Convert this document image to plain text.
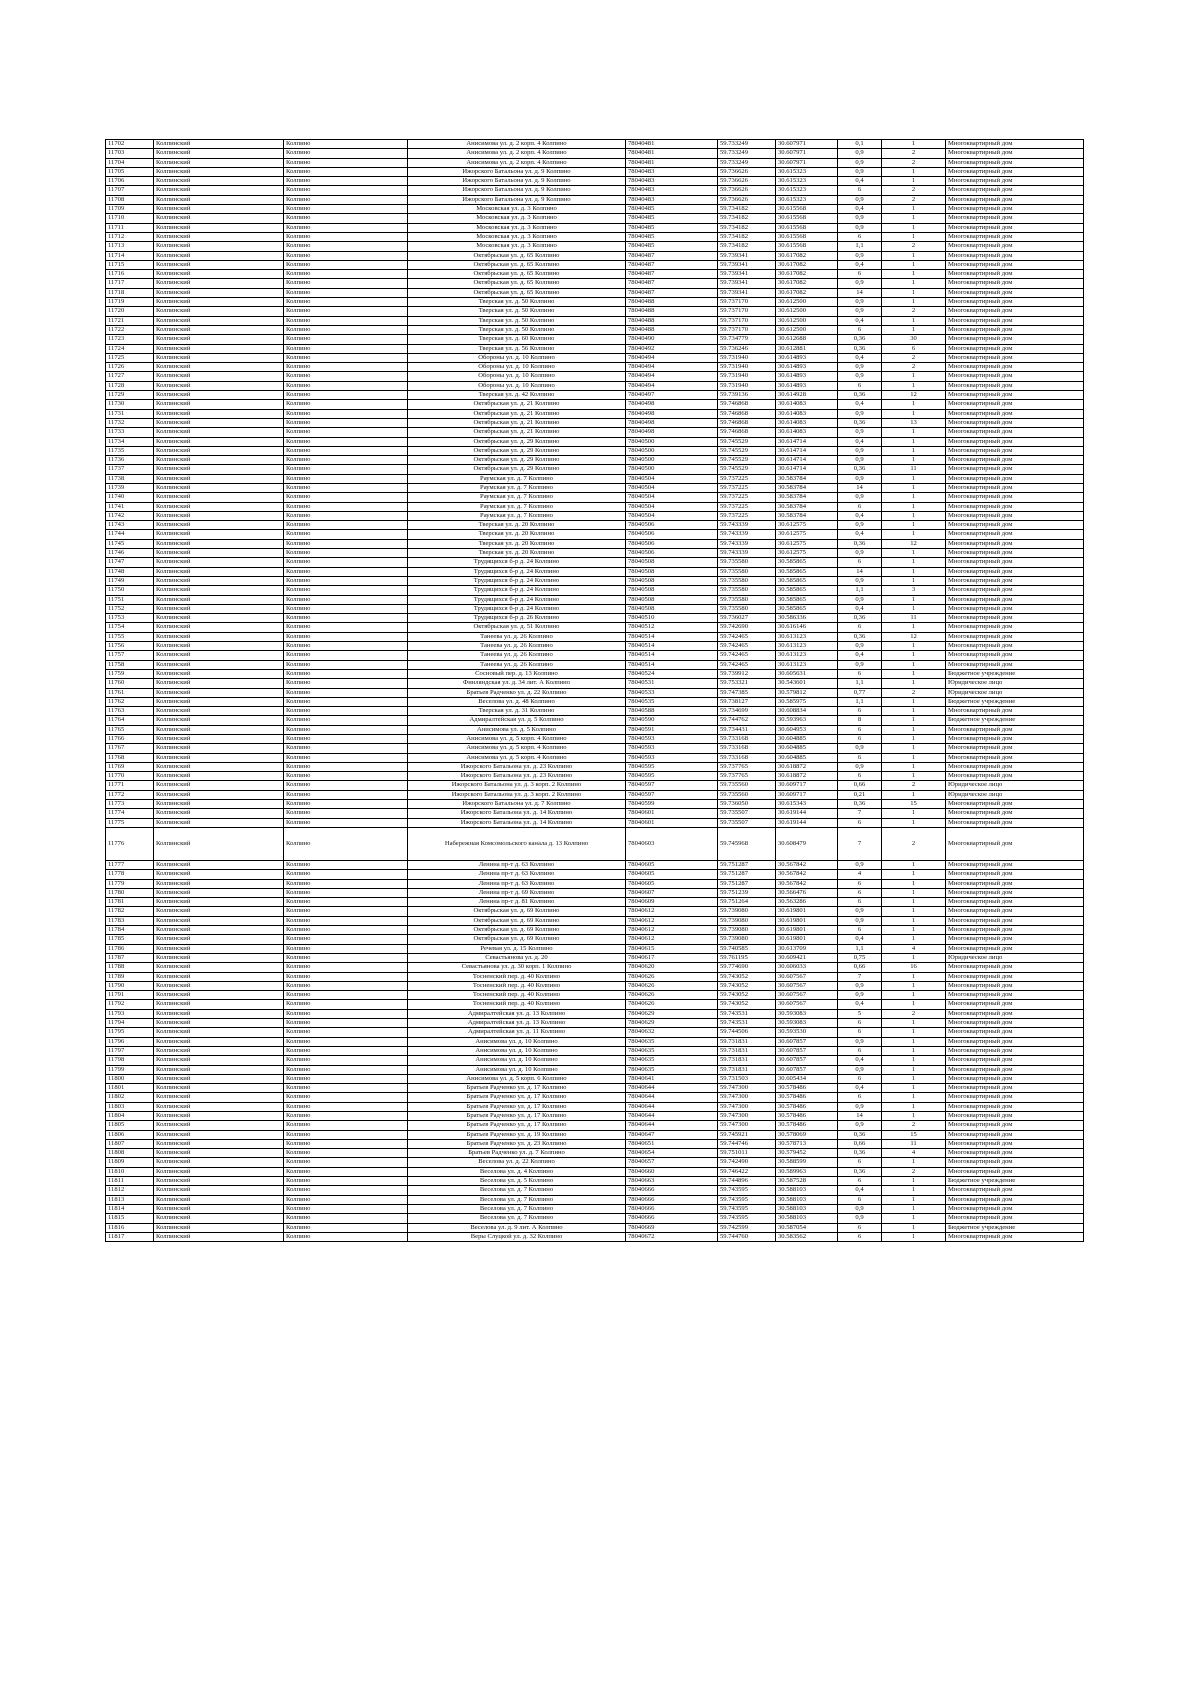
11702	Колпинский	Колпино	Анисимова ул. д. 2 корп. 4 Колпино	78040481	59.733249	30.607971	0,1	1	Многоквартирный дом
11703	Колпинский	Колпино	Анисимова ул. д. 2 корп. 4 Колпино	78040481	59.733249	30.607971	0,9	2	Многоквартирный дом
11704	Колпинский	Колпино	Анисимова ул. д. 2 корп. 4 Колпино	78040481	59.733249	30.607971	0,9	2	Многоквартирный дом
11705	Колпинский	Колпино	Ижорского Батальона ул. д. 9 Колпино	78040483	59.736626	30.615323	0,9	1	Многоквартирный дом
11706	Колпинский	Колпино	Ижорского Батальона ул. д. 9 Колпино	78040483	59.736626	30.615323	0,4	1	Многоквартирный дом
11707	Колпинский	Колпино	Ижорского Батальона ул. д. 9 Колпино	78040483	59.736626	30.615323	6	2	Многоквартирный дом
11708	Колпинский	Колпино	Ижорского Батальона ул. д. 9 Колпино	78040483	59.736626	30.615323	0,9	2	Многоквартирный дом
11709	Колпинский	Колпино	Московская ул. д. 3 Колпино	78040485	59.734182	30.615568	0,4	1	Многоквартирный дом
11710	Колпинский	Колпино	Московская ул. д. 3 Колпино	78040485	59.734182	30.615568	0,9	1	Многоквартирный дом
11711	Колпинский	Колпино	Московская ул. д. 3 Колпино	78040485	59.734182	30.615568	0,9	1	Многоквартирный дом
11712	Колпинский	Колпино	Московская ул. д. 3 Колпино	78040485	59.734182	30.615568	6	1	Многоквартирный дом
11713	Колпинский	Колпино	Московская ул. д. 3 Колпино	78040485	59.734182	30.615568	1,1	2	Многоквартирный дом
11714	Колпинский	Колпино	Октябрьская ул. д. 65 Колпино	78040487	59.739341	30.617082	0,9	1	Многоквартирный дом
11715	Колпинский	Колпино	Октябрьская ул. д. 65 Колпино	78040487	59.739341	30.617082	0,4	1	Многоквартирный дом
11716	Колпинский	Колпино	Октябрьская ул. д. 65 Колпино	78040487	59.739341	30.617082	6	1	Многоквартирный дом
11717	Колпинский	Колпино	Октябрьская ул. д. 65 Колпино	78040487	59.739341	30.617082	0,9	1	Многоквартирный дом
11718	Колпинский	Колпино	Октябрьская ул. д. 65 Колпино	78040487	59.739341	30.617082	14	1	Многоквартирный дом
11719	Колпинский	Колпино	Тверская ул. д. 50 Колпино	78040488	59.737170	30.612500	0,9	1	Многоквартирный дом
11720	Колпинский	Колпино	Тверская ул. д. 50 Колпино	78040488	59.737170	30.612500	0,9	2	Многоквартирный дом
11721	Колпинский	Колпино	Тверская ул. д. 50 Колпино	78040488	59.737170	30.612500	0,4	1	Многоквартирный дом
11722	Колпинский	Колпино	Тверская ул. д. 50 Колпино	78040488	59.737170	30.612500	6	1	Многоквартирный дом
11723	Колпинский	Колпино	Тверская ул. д. 60 Колпино	78040490	59.734779	30.612688	0,36	30	Многоквартирный дом
11724	Колпинский	Колпино	Тверская ул. д. 56 Колпино	78040492	59.736246	30.612881	0,36	6	Многоквартирный дом
11725	Колпинский	Колпино	Обороны ул. д. 10 Колпино	78040494	59.731940	30.614893	0,4	2	Многоквартирный дом
11726	Колпинский	Колпино	Обороны ул. д. 10 Колпино	78040494	59.731940	30.614893	0,9	2	Многоквартирный дом
11727	Колпинский	Колпино	Обороны ул. д. 10 Колпино	78040494	59.731940	30.614893	0,9	1	Многоквартирный дом
11728	Колпинский	Колпино	Обороны ул. д. 10 Колпино	78040494	59.731940	30.614893	6	1	Многоквартирный дом
11729	Колпинский	Колпино	Тверская ул. д. 42 Колпино	78040497	59.739136	30.614928	0,36	12	Многоквартирный дом
11730	Колпинский	Колпино	Октябрьская ул. д. 21 Колпино	78040498	59.746868	30.614083	0,4	1	Многоквартирный дом
11731	Колпинский	Колпино	Октябрьская ул. д. 21 Колпино	78040498	59.746868	30.614083	0,9	1	Многоквартирный дом
11732	Колпинский	Колпино	Октябрьская ул. д. 21 Колпино	78040498	59.746868	30.614083	0,36	13	Многоквартирный дом
11733	Колпинский	Колпино	Октябрьская ул. д. 21 Колпино	78040498	59.746868	30.614083	0,9	1	Многоквартирный дом
11734	Колпинский	Колпино	Октябрьская ул. д. 29 Колпино	78040500	59.745529	30.614714	0,4	1	Многоквартирный дом
11735	Колпинский	Колпино	Октябрьская ул. д. 29 Колпино	78040500	59.745529	30.614714	0,9	1	Многоквартирный дом
11736	Колпинский	Колпино	Октябрьская ул. д. 29 Колпино	78040500	59.745529	30.614714	0,9	1	Многоквартирный дом
11737	Колпинский	Колпино	Октябрьская ул. д. 29 Колпино	78040500	59.745529	30.614714	0,36	11	Многоквартирный дом
11738	Колпинский	Колпино	Раумская ул. д. 7 Колпино	78040504	59.737225	30.583784	0,9	1	Многоквартирный дом
11739	Колпинский	Колпино	Раумская ул. д. 7 Колпино	78040504	59.737225	30.583784	14	1	Многоквартирный дом
11740	Колпинский	Колпино	Раумская ул. д. 7 Колпино	78040504	59.737225	30.583784	0,9	1	Многоквартирный дом
11741	Колпинский	Колпино	Раумская ул. д. 7 Колпино	78040504	59.737225	30.583784	6	1	Многоквартирный дом
11742	Колпинский	Колпино	Раумская ул. д. 7 Колпино	78040504	59.737225	30.583784	0,4	1	Многоквартирный дом
11743	Колпинский	Колпино	Тверская ул. д. 20 Колпино	78040506	59.743339	30.612575	0,9	1	Многоквартирный дом
11744	Колпинский	Колпино	Тверская ул. д. 20 Колпино	78040506	59.743339	30.612575	0,4	1	Многоквартирный дом
11745	Колпинский	Колпино	Тверская ул. д. 20 Колпино	78040506	59.743339	30.612575	0,36	12	Многоквартирный дом
11746	Колпинский	Колпино	Тверская ул. д. 20 Колпино	78040506	59.743339	30.612575	0,9	1	Многоквартирный дом
11747	Колпинский	Колпино	Трудящихся б-р д. 24 Колпино	78040508	59.735580	30.585865	6	1	Многоквартирный дом
11748	Колпинский	Колпино	Трудящихся б-р д. 24 Колпино	78040508	59.735580	30.585865	14	1	Многоквартирный дом
11749	Колпинский	Колпино	Трудящихся б-р д. 24 Колпино	78040508	59.735580	30.585865	0,9	1	Многоквартирный дом
11750	Колпинский	Колпино	Трудящихся б-р д. 24 Колпино	78040508	59.735580	30.585865	1,1	3	Многоквартирный дом
11751	Колпинский	Колпино	Трудящихся б-р д. 24 Колпино	78040508	59.735580	30.585865	0,9	1	Многоквартирный дом
11752	Колпинский	Колпино	Трудящихся б-р д. 24 Колпино	78040508	59.735580	30.585865	0,4	1	Многоквартирный дом
11753	Колпинский	Колпино	Трудящихся б-р д. 26 Колпино	78040510	59.736027	30.586336	0,36	11	Многоквартирный дом
11754	Колпинский	Колпино	Октябрьская ул. д. 51 Колпино	78040512	59.742690	30.616146	6	1	Многоквартирный дом
11755	Колпинский	Колпино	Танеева ул. д. 26 Колпино	78040514	59.742465	30.613123	0,36	12	Многоквартирный дом
11756	Колпинский	Колпино	Танеева ул. д. 26 Колпино	78040514	59.742465	30.613123	0,9	1	Многоквартирный дом
11757	Колпинский	Колпино	Танеева ул. д. 26 Колпино	78040514	59.742465	30.613123	0,4	1	Многоквартирный дом
11758	Колпинский	Колпино	Танеева ул. д. 26 Колпино	78040514	59.742465	30.613123	0,9	1	Многоквартирный дом
11759	Колпинский	Колпино	Сосновый пер. д. 13 Колпино	78040524	59.739912	30.605631	6	1	Бюджетное учреждение
11760	Колпинский	Колпино	Финляндская ул. д. 34 лит. А Колпино	78040531	59.753321	30.543601	1,1	1	Юридическое лицо
11761	Колпинский	Колпино	Братьев Радченко ул. д. 22 Колпино	78040533	59.747385	30.579812	0,77	2	Юридическое лицо
11762	Колпинский	Колпино	Веселова ул. д. 48 Колпино	78040535	59.738127	30.585975	1,1	1	Бюджетное учреждение
11763	Колпинский	Колпино	Тверская ул. д. 31 Колпино	78040588	59.734699	30.608834	6	1	Многоквартирный дом
11764	Колпинский	Колпино	Адмиралтейская ул. д. 5 Колпино	78040590	59.744762	30.593963	8	1	Бюджетное учреждение
11765	Колпинский	Колпино	Анисимова ул. д. 5 Колпино	78040591	59.734431	30.604953	6	1	Многоквартирный дом
11766	Колпинский	Колпино	Анисимова ул. д. 5 корп. 4 Колпино	78040593	59.733168	30.604885	6	1	Многоквартирный дом
11767	Колпинский	Колпино	Анисимова ул. д. 5 корп. 4 Колпино	78040593	59.733168	30.604885	0,9	1	Многоквартирный дом
11768	Колпинский	Колпино	Анисимова ул. д. 5 корп. 4 Колпино	78040593	59.733168	30.604885	6	1	Многоквартирный дом
11769	Колпинский	Колпино	Ижорского Батальона ул. д. 23 Колпино	78040595	59.737765	30.618872	0,9	1	Многоквартирный дом
11770	Колпинский	Колпино	Ижорского Батальона ул. д. 23 Колпино	78040595	59.737765	30.618872	6	1	Многоквартирный дом
11771	Колпинский	Колпино	Ижорского Батальона ул. д. 3 корп. 2 Колпино	78040597	59.735560	30.609717	0,66	2	Юридическое лицо
11772	Колпинский	Колпино	Ижорского Батальона ул. д. 3 корп. 2 Колпино	78040597	59.735560	30.609717	0,21	1	Юридическое лицо
11773	Колпинский	Колпино	Ижорского Батальона ул. д. 7 Колпино	78040599	59.736050	30.615343	0,36	15	Многоквартирный дом
11774	Колпинский	Колпино	Ижорского Батальона ул. д. 14 Колпино	78040601	59.735507	30.619144	7	1	Многоквартирный дом
11775	Колпинский	Колпино	Ижорского Батальона ул. д. 14 Колпино	78040601	59.735507	30.619144	6	1	Многоквартирный дом
11776	Колпинский	Колпино	Набережная Комсомольского канала д. 13 Колпино	78040603	59.745968	30.608479	7	2	Многоквартирный дом
11777	Колпинский	Колпино	Ленина пр-т д. 63 Колпино	78040605	59.751287	30.567842	0,9	1	Многоквартирный дом
11778	Колпинский	Колпино	Ленина пр-т д. 63 Колпино	78040605	59.751287	30.567842	4	1	Многоквартирный дом
11779	Колпинский	Колпино	Ленина пр-т д. 63 Колпино	78040605	59.751287	30.567842	6	1	Многоквартирный дом
11780	Колпинский	Колпино	Ленина пр-т д. 69 Колпино	78040607	59.751239	30.566476	6	1	Многоквартирный дом
11781	Колпинский	Колпино	Ленина пр-т д. 81 Колпино	78040609	59.751264	30.563286	6	1	Многоквартирный дом
11782	Колпинский	Колпино	Октябрьская ул. д. 69 Колпино	78040612	59.739080	30.619801	0,9	1	Многоквартирный дом
11783	Колпинский	Колпино	Октябрьская ул. д. 69 Колпино	78040612	59.739080	30.619801	0,9	1	Многоквартирный дом
11784	Колпинский	Колпино	Октябрьская ул. д. 69 Колпино	78040612	59.739080	30.619801	6	1	Многоквартирный дом
11785	Колпинский	Колпино	Октябрьская ул. д. 69 Колпино	78040612	59.739080	30.619801	0,4	1	Многоквартирный дом
11786	Колпинский	Колпино	Речевая ул. д. 15 Колпино	78040615	59.740585	30.613709	1,1	4	Многоквартирный дом
11787	Колпинский	Колпино	Севастьянова ул. д. 20	78040617	59.761195	30.609421	0,75	1	Юридическое лицо
11788	Колпинский	Колпино	Севастьянова ул. д. 30 корп. 1 Колпино	78040620	59.774690	30.606033	0,66	16	Многоквартирный дом
11789	Колпинский	Колпино	Тосненский пер. д. 40 Колпино	78040626	59.743052	30.607567	7	1	Многоквартирный дом
11790	Колпинский	Колпино	Тосненский пер. д. 40 Колпино	78040626	59.743052	30.607567	0,9	1	Многоквартирный дом
11791	Колпинский	Колпино	Тосненский пер. д. 40 Колпино	78040626	59.743052	30.607567	0,9	1	Многоквартирный дом
11792	Колпинский	Колпино	Тосненский пер. д. 40 Колпино	78040626	59.743052	30.607567	0,4	1	Многоквартирный дом
11793	Колпинский	Колпино	Адмиралтейская ул. д. 13 Колпино	78040629	59.743531	30.593083	5	2	Многоквартирный дом
11794	Колпинский	Колпино	Адмиралтейская ул. д. 13 Колпино	78040629	59.743531	30.593083	6	1	Многоквартирный дом
11795	Колпинский	Колпино	Адмиралтейская ул. д. 11 Колпино	78040632	59.744506	30.593530	6	1	Многоквартирный дом
11796	Колпинский	Колпино	Анисимова ул. д. 10 Колпино	78040635	59.731831	30.607857	0,9	1	Многоквартирный дом
11797	Колпинский	Колпино	Анисимова ул. д. 10 Колпино	78040635	59.731831	30.607857	6	1	Многоквартирный дом
11798	Колпинский	Колпино	Анисимова ул. д. 10 Колпино	78040635	59.731831	30.607857	0,4	1	Многоквартирный дом
11799	Колпинский	Колпино	Анисимова ул. д. 10 Колпино	78040635	59.731831	30.607857	0,9	1	Многоквартирный дом
11800	Колпинский	Колпино	Анисимова ул. д. 5 корп. 6 Колпино	78040641	59.731503	30.605434	6	1	Многоквартирный дом
11801	Колпинский	Колпино	Братьев Радченко ул. д. 17 Колпино	78040644	59.747300	30.578486	0,4	1	Многоквартирный дом
11802	Колпинский	Колпино	Братьев Радченко ул. д. 17 Колпино	78040644	59.747300	30.578486	6	1	Многоквартирный дом
11803	Колпинский	Колпино	Братьев Радченко ул. д. 17 Колпино	78040644	59.747300	30.578486	0,9	1	Многоквартирный дом
11804	Колпинский	Колпино	Братьев Радченко ул. д. 17 Колпино	78040644	59.747300	30.578486	14	1	Многоквартирный дом
11805	Колпинский	Колпино	Братьев Радченко ул. д. 17 Колпино	78040644	59.747300	30.578486	0,9	2	Многоквартирный дом
11806	Колпинский	Колпино	Братьев Радченко ул. д. 19 Колпино	78040647	59.745921	30.578069	0,36	15	Многоквартирный дом
11807	Колпинский	Колпино	Братьев Радченко ул. д. 23 Колпино	78040651	59.744746	30.578713	0,66	11	Многоквартирный дом
11808	Колпинский	Колпино	Братьев Радченко ул. д. 7 Колпино	78040654	59.751011	30.579452	0,36	4	Многоквартирный дом
11809	Колпинский	Колпино	Веселова ул. д. 22 Колпино	78040657	59.742490	30.588599	6	1	Многоквартирный дом
11810	Колпинский	Колпино	Веселова ул. д. 4 Колпино	78040660	59.746422	30.589963	0,36	2	Многоквартирный дом
11811	Колпинский	Колпино	Веселова ул. д. 5 Колпино	78040663	59.744896	30.587528	6	1	Бюджетное учреждение
11812	Колпинский	Колпино	Веселова ул. д. 7 Колпино	78040666	59.743595	30.588103	0,4	1	Многоквартирный дом
11813	Колпинский	Колпино	Веселова ул. д. 7 Колпино	78040666	59.743595	30.588103	6	1	Многоквартирный дом
11814	Колпинский	Колпино	Веселова ул. д. 7 Колпино	78040666	59.743595	30.588103	0,9	1	Многоквартирный дом
11815	Колпинский	Колпино	Веселова ул. д. 7 Колпино	78040666	59.743595	30.588103	0,9	1	Многоквартирный дом
11816	Колпинский	Колпино	Веселова ул. д. 9 лит. А Колпино	78040669	59.742599	30.587054	6	1	Бюджетное учреждение
11817	Колпинский	Колпино	Веры Слуцкой ул. д. 32 Колпино	78040672	59.744760	30.583562	6	1	Многоквартирный дом
